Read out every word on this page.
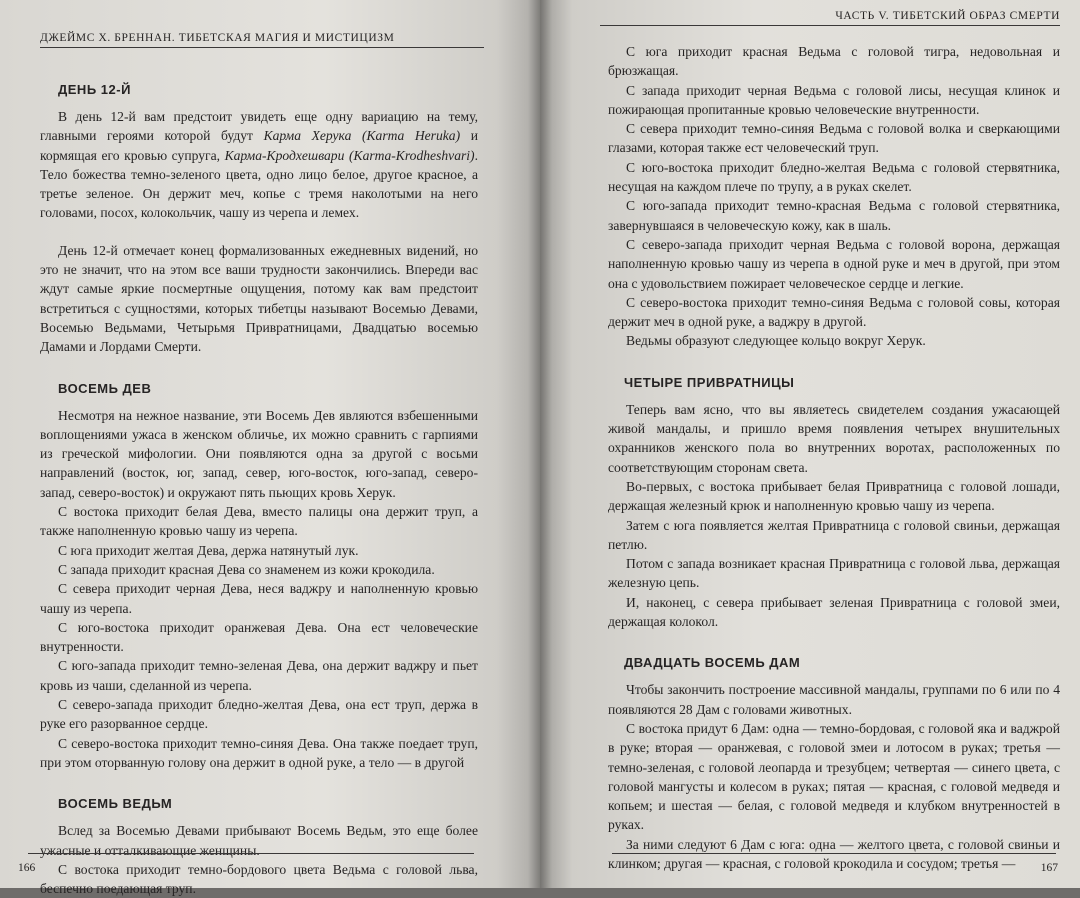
ДЖЕЙМС Х. БРЕННАН. ТИБЕТСКАЯ МАГИЯ И МИСТИЦИЗМ
ДЕНЬ 12-Й

В день 12-й вам предстоит увидеть еще одну вариацию на тему, главными героями которой будут Карма Херука (Karma Heruka) и кормящая его кровью супруга, Карма-Кродхешвари (Karma-Krodheshvari). Тело божества темно-зеленого цвета, одно лицо белое, другое красное, а третье зеленое. Он держит меч, копье с тремя наколотыми на него головами, посох, колокольчик, чашу из черепа и лемех.

День 12-й отмечает конец формализованных ежедневных видений, но это не значит, что на этом все ваши трудности закончились. Впереди вас ждут самые яркие посмертные ощущения, потому как вам предстоит встретиться с сущностями, которых тибетцы называют Восемью Девами, Восемью Ведьмами, Четырьмя Привратницами, Двадцатью восемью Дамами и Лордами Смерти.

ВОСЕМЬ ДЕВ

Несмотря на нежное название, эти Восемь Дев являются взбешенными воплощениями ужаса в женском обличье, их можно сравнить с гарпиями из греческой мифологии. Они появляются одна за другой с восьми направлений (восток, юг, запад, север, юго-восток, юго-запад, северо-запад, северо-восток) и окружают пять пьющих кровь Херук.

С востока приходит белая Дева, вместо палицы она держит труп, а также наполненную кровью чашу из черепа.

С юга приходит желтая Дева, держа натянутый лук.

С запада приходит красная Дева со знаменем из кожи крокодила.

С севера приходит черная Дева, неся ваджру и наполненную кровью чашу из черепа.

С юго-востока приходит оранжевая Дева. Она ест человеческие внутренности.

С юго-запада приходит темно-зеленая Дева, она держит ваджру и пьет кровь из чаши, сделанной из черепа.

С северо-запада приходит бледно-желтая Дева, она ест труп, держа в руке его разорванное сердце.

С северо-востока приходит темно-синяя Дева. Она также поедает труп, при этом оторванную голову она держит в одной руке, а тело — в другой

ВОСЕМЬ ВЕДЬМ

Вслед за Восемью Девами прибывают Восемь Ведьм, это еще более ужасные и отталкивающие женщины.

С востока приходит темно-бордового цвета Ведьма с головой льва, беспечно поедающая труп.

166
ЧАСТЬ V. ТИБЕТСКИЙ ОБРАЗ СМЕРТИ

С юга приходит красная Ведьма с головой тигра, недовольная и брюзжащая.

С запада приходит черная Ведьма с головой лисы, несущая клинок и пожирающая пропитанные кровью человеческие внутренности.

С севера приходит темно-синяя Ведьма с головой волка и сверкающими глазами, которая также ест человеческий труп.

С юго-востока приходит бледно-желтая Ведьма с головой стервятника, несущая на каждом плече по трупу, а в руках скелет.

С юго-запада приходит темно-красная Ведьма с головой стервятника, завернувшаяся в человеческую кожу, как в шаль.

С северо-запада приходит черная Ведьма с головой ворона, держащая наполненную кровью чашу из черепа в одной руке и меч в другой, при этом она с удовольствием пожирает человеческое сердце и легкие.

С северо-востока приходит темно-синяя Ведьма с головой совы, которая держит меч в одной руке, а ваджру в другой.

Ведьмы образуют следующее кольцо вокруг Херук.

ЧЕТЫРЕ ПРИВРАТНИЦЫ

Теперь вам ясно, что вы являетесь свидетелем создания ужасающей живой мандалы, и пришло время появления четырех внушительных охранников женского пола во внутренних воротах, расположенных по соответствующим сторонам света.

Во-первых, с востока прибывает белая Привратница с головой лошади, держащая железный крюк и наполненную кровью чашу из черепа.

Затем с юга появляется желтая Привратница с головой свиньи, держащая петлю.

Потом с запада возникает красная Привратница с головой льва, держащая железную цепь.

И, наконец, с севера прибывает зеленая Привратница с головой змеи, держащая колокол.

ДВАДЦАТЬ ВОСЕМЬ ДАМ

Чтобы закончить построение массивной мандалы, группами по 6 или по 4 появляются 28 Дам с головами животных.

С востока придут 6 Дам: одна — темно-бордовая, с головой яка и ваджрой в руке; вторая — оранжевая, с головой змеи и лотосом в руках; третья — темно-зеленая, с головой леопарда и трезубцем; четвертая — синего цвета, с головой мангусты и колесом в руках; пятая — красная, с головой медведя и копьем; и шестая — белая, с головой медведя и клубком внутренностей в руках.

За ними следуют 6 Дам с юга: одна — желтого цвета, с головой свиньи и клинком; другая — красная, с головой крокодила и сосудом; третья —	167
